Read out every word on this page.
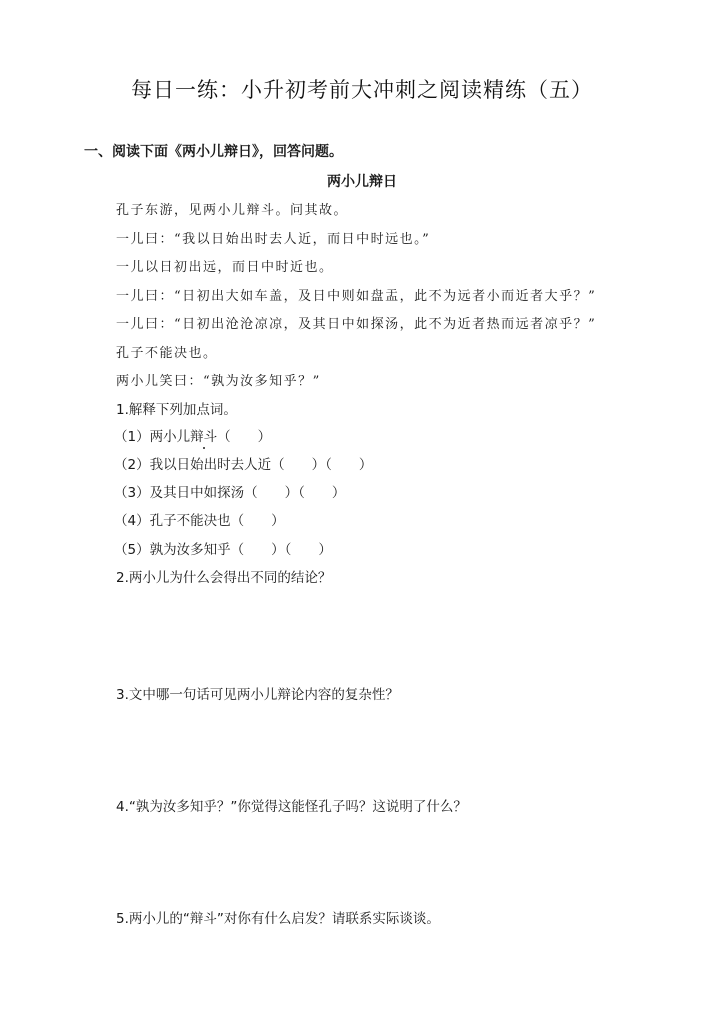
每日一练：小升初考前大冲刺之阅读精练（五）
一、阅读下面《两小儿辩日》，回答问题。
两小儿辩日
孔子东游，见两小儿辩斗。问其故。
一儿曰：“我以日始出时去人近，而日中时远也。”
一儿以日初出远，而日中时近也。
一儿曰：“日初出大如车盖，及日中则如盘盂，此不为远者小而近者大乎？”
一儿曰：“日初出沧沧凉凉，及其日中如探汤，此不为近者热而远者凉乎？”
孔子不能决也。
两小儿笑曰：“孰为汝多知乎？”
1.解释下列加点词。
（1）两小儿辩斗（　　）
（2）我以日始出时去人近（　　）（　　）
（3）及其日中如探汤（　　）（　　）
（4）孔子不能决也（　　）
（5）孰为汝多知乎（　　）（　　）
2.两小儿为什么会得出不同的结论？
3.文中哪一句话可见两小儿辩论内容的复杂性？
4.“孰为汝多知乎？”你觉得这能怪孔子吗？这说明了什么？
5.两小儿的“辩斗”对你有什么启发？请联系实际谈谈。
